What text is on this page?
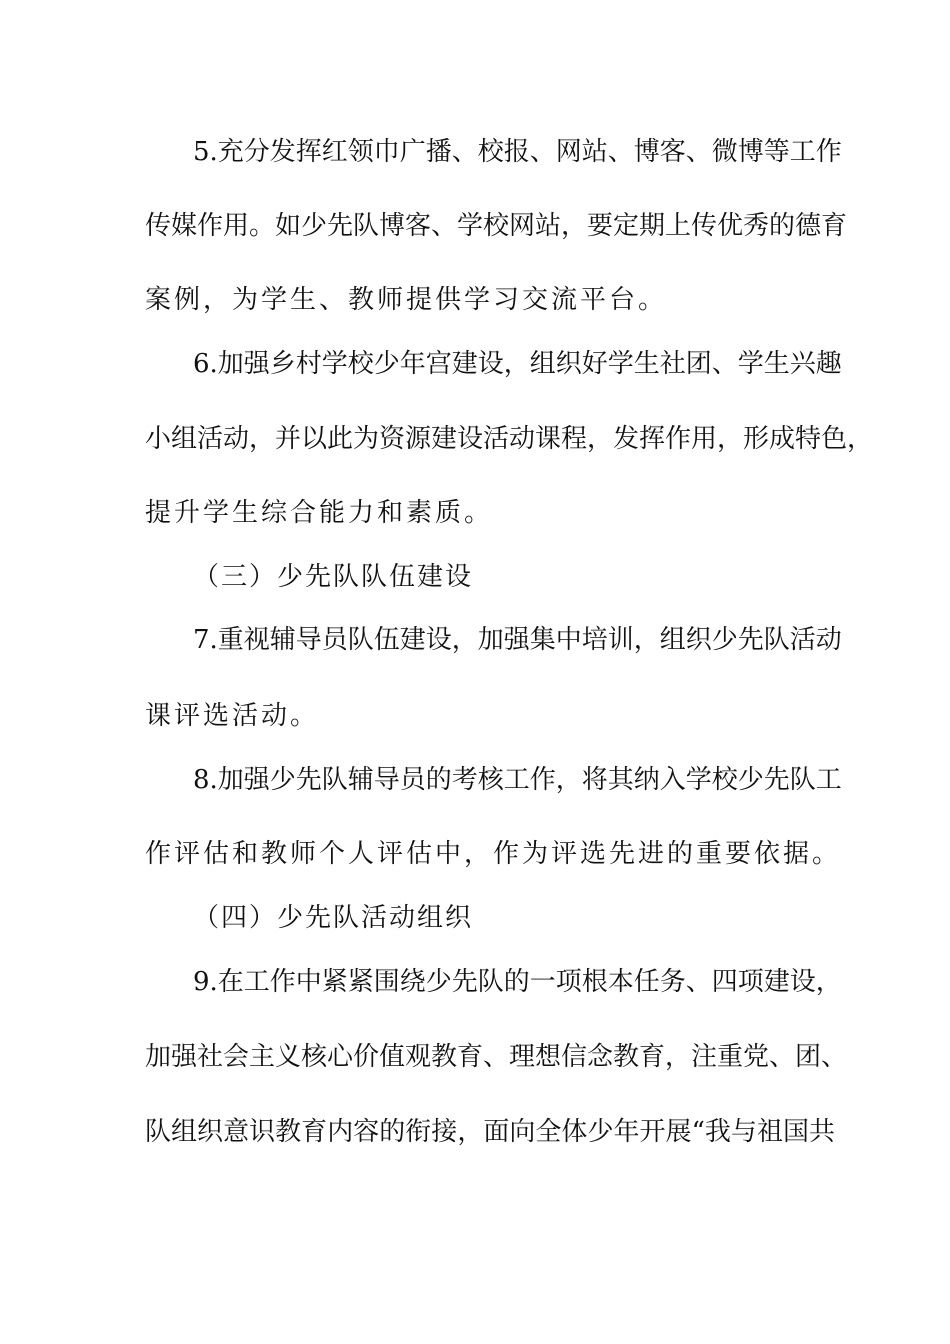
5.充分发挥红领巾广播、校报、网站、博客、微博等工作
传媒作用。如少先队博客、学校网站，要定期上传优秀的德育
案例，为学生、教师提供学习交流平台。
6.加强乡村学校少年宫建设，组织好学生社团、学生兴趣
小组活动，并以此为资源建设活动课程，发挥作用，形成特色，
提升学生综合能力和素质。
（三）少先队队伍建设
7.重视辅导员队伍建设，加强集中培训，组织少先队活动
课评选活动。
8.加强少先队辅导员的考核工作，将其纳入学校少先队工
作评估和教师个人评估中，作为评选先进的重要依据。
（四）少先队活动组织
9.在工作中紧紧围绕少先队的一项根本任务、四项建设，
加强社会主义核心价值观教育、理想信念教育，注重党、团、
队组织意识教育内容的衔接，面向全体少年开展“我与祖国共
